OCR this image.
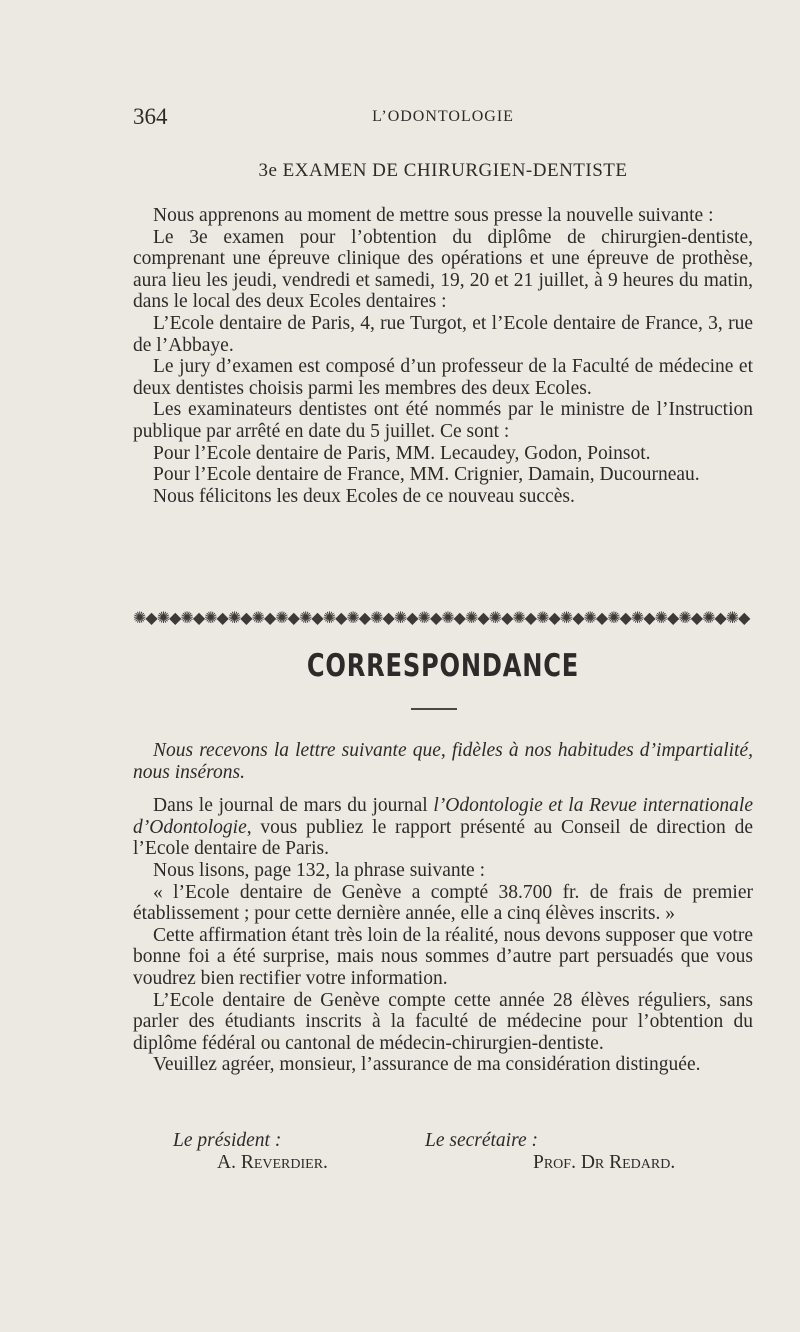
364	L’ODONTOLOGIE
3e EXAMEN DE CHIRURGIEN-DENTISTE

Nous apprenons au moment de mettre sous presse la nouvelle suivante :

Le 3e examen pour l’obtention du diplôme de chirurgien-dentiste, comprenant une épreuve clinique des opérations et une épreuve de prothèse, aura lieu les jeudi, vendredi et samedi, 19, 20 et 21 juillet, à 9 heures du matin, dans le local des deux Ecoles dentaires :

L’Ecole dentaire de Paris, 4, rue Turgot, et l’Ecole dentaire de France, 3, rue de l’Abbaye.

Le jury d’examen est composé d’un professeur de la Faculté de médecine et deux dentistes choisis parmi les membres des deux Ecoles.

Les examinateurs dentistes ont été nommés par le ministre de l’Instruction publique par arrêté en date du 5 juillet. Ce sont :

Pour l’Ecole dentaire de Paris, MM. Lecaudey, Godon, Poinsot.

Pour l’Ecole dentaire de France, MM. Crignier, Damain, Ducourneau.

Nous félicitons les deux Ecoles de ce nouveau succès.

✺◆✺◆✺◆✺◆✺◆✺◆✺◆✺◆✺◆✺◆✺◆✺◆✺◆✺◆✺◆✺◆✺◆✺◆✺◆✺◆✺◆✺◆✺◆✺◆✺◆✺◆
CORRESPONDANCE

Nous recevons la lettre suivante que, fidèles à nos habitudes d’impartialité, nous insérons.

Dans le journal de mars du journal l’Odontologie et la Revue internationale d’Odontologie, vous publiez le rapport présenté au Conseil de direction de l’Ecole dentaire de Paris.

Nous lisons, page 132, la phrase suivante :

« l’Ecole dentaire de Genève a compté 38.700 fr. de frais de premier établissement ; pour cette dernière année, elle a cinq élèves inscrits. »

Cette affirmation étant très loin de la réalité, nous devons supposer que votre bonne foi a été surprise, mais nous sommes d’autre part persuadés que vous voudrez bien rectifier votre information.

L’Ecole dentaire de Genève compte cette année 28 élèves réguliers, sans parler des étudiants inscrits à la faculté de médecine pour l’obtention du diplôme fédéral ou cantonal de médecin-chirurgien-dentiste.

Veuillez agréer, monsieur, l’assurance de ma considération distinguée.

Le président :	Le secrétaire :
A. Reverdier.	Prof. Dr Redard.
